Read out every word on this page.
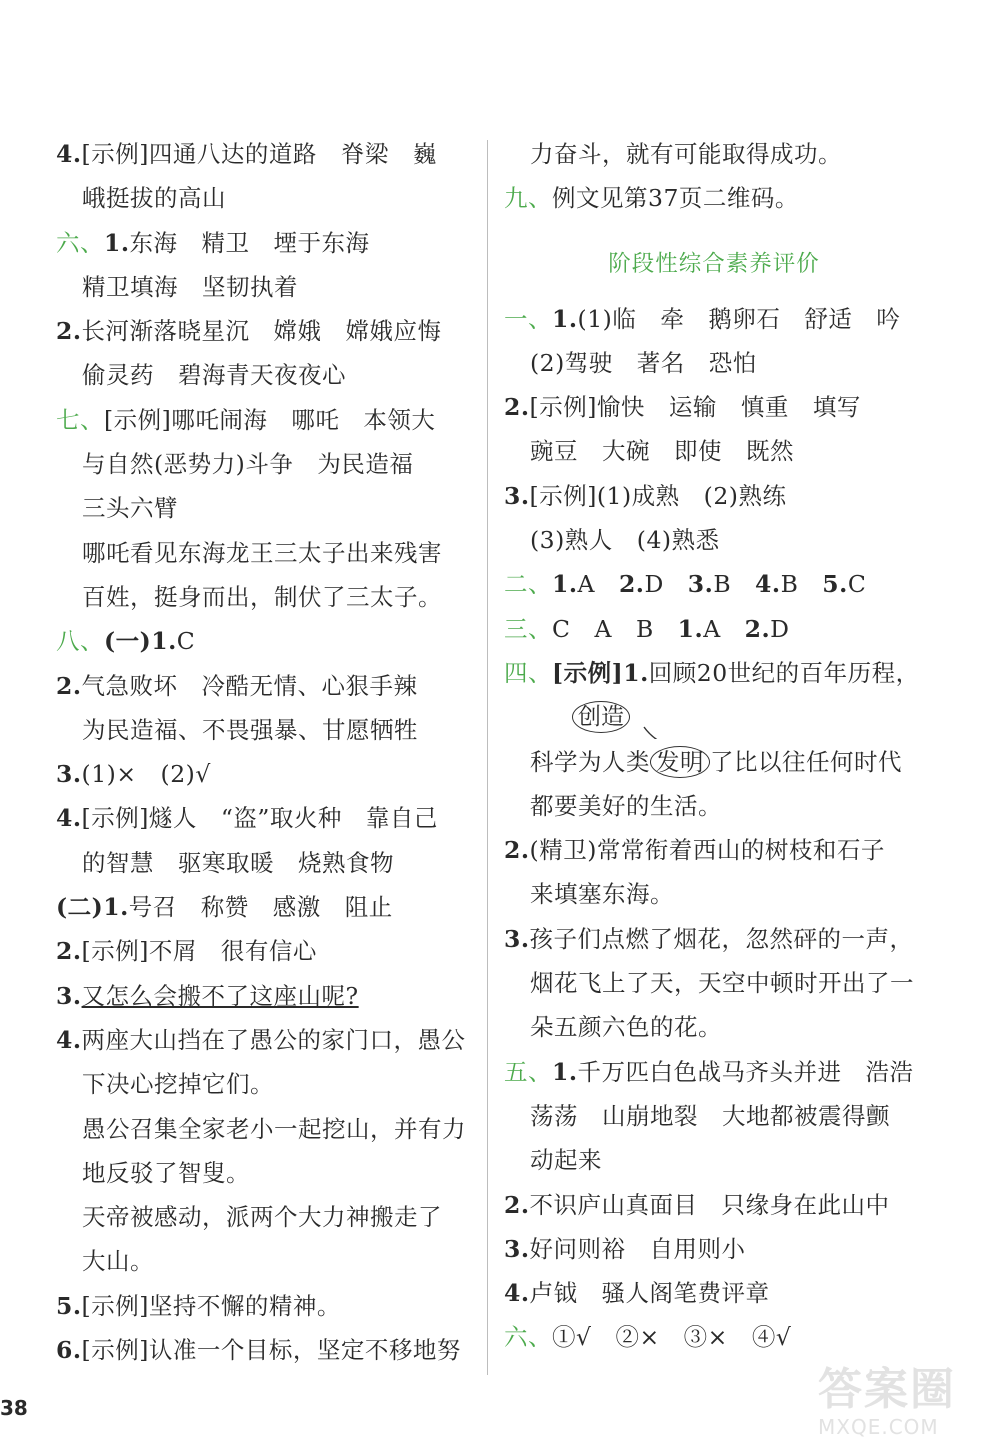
4.[示例]四通八达的道路　脊梁　巍
峨挺拔的高山
六、1.东海　精卫　堙于东海
精卫填海　坚韧执着
2.长河渐落晓星沉　嫦娥　嫦娥应悔
偷灵药　碧海青天夜夜心
七、[示例]哪吒闹海　哪吒　本领大
与自然(恶势力)斗争　为民造福
三头六臂
哪吒看见东海龙王三太子出来残害
百姓，挺身而出，制伏了三太子。
八、(一)1.C
2.气急败坏　冷酷无情、心狠手辣
为民造福、不畏强暴、甘愿牺牲
3.(1)×　(2)√
4.[示例]燧人　“盗”取火种　靠自己
的智慧　驱寒取暖　烧熟食物
(二)1.号召　称赞　感激　阻止
2.[示例]不屑　很有信心
3.又怎么会搬不了这座山呢?
4.两座大山挡在了愚公的家门口，愚公
下决心挖掉它们。
愚公召集全家老小一起挖山，并有力
地反驳了智叟。
天帝被感动，派两个大力神搬走了
大山。
5.[示例]坚持不懈的精神。
6.[示例]认准一个目标，坚定不移地努
力奋斗，就有可能取得成功。
九、例文见第37页二维码。
阶段性综合素养评价
一、1.(1)临　牵　鹅卵石　舒适　吟
(2)驾驶　著名　恐怕
2.[示例]愉快　运输　慎重　填写
豌豆　大碗　即使　既然
3.[示例](1)成熟　(2)熟练
(3)熟人　(4)熟悉
二、1.A 2.D 3.B 4.B 5.C
三、C　A　B 1.A 2.D
四、[示例]1.回顾20世纪的百年历程，
创造
科学为人类 发明 了比以往任何时代
都要美好的生活。
2.(精卫)常常衔着西山的树枝和石子
来填塞东海。
3.孩子们点燃了烟花，忽然砰的一声，
烟花飞上了天，天空中顿时开出了一
朵五颜六色的花。
五、1.千万匹白色战马齐头并进　浩浩
荡荡　山崩地裂　大地都被震得颤
动起来
2.不识庐山真面目　只缘身在此山中
3.好问则裕　自用则小
4.卢钺　骚人阁笔费评章
六、①√　②×　③×　④√
38	答案圈
MXQE.COM
